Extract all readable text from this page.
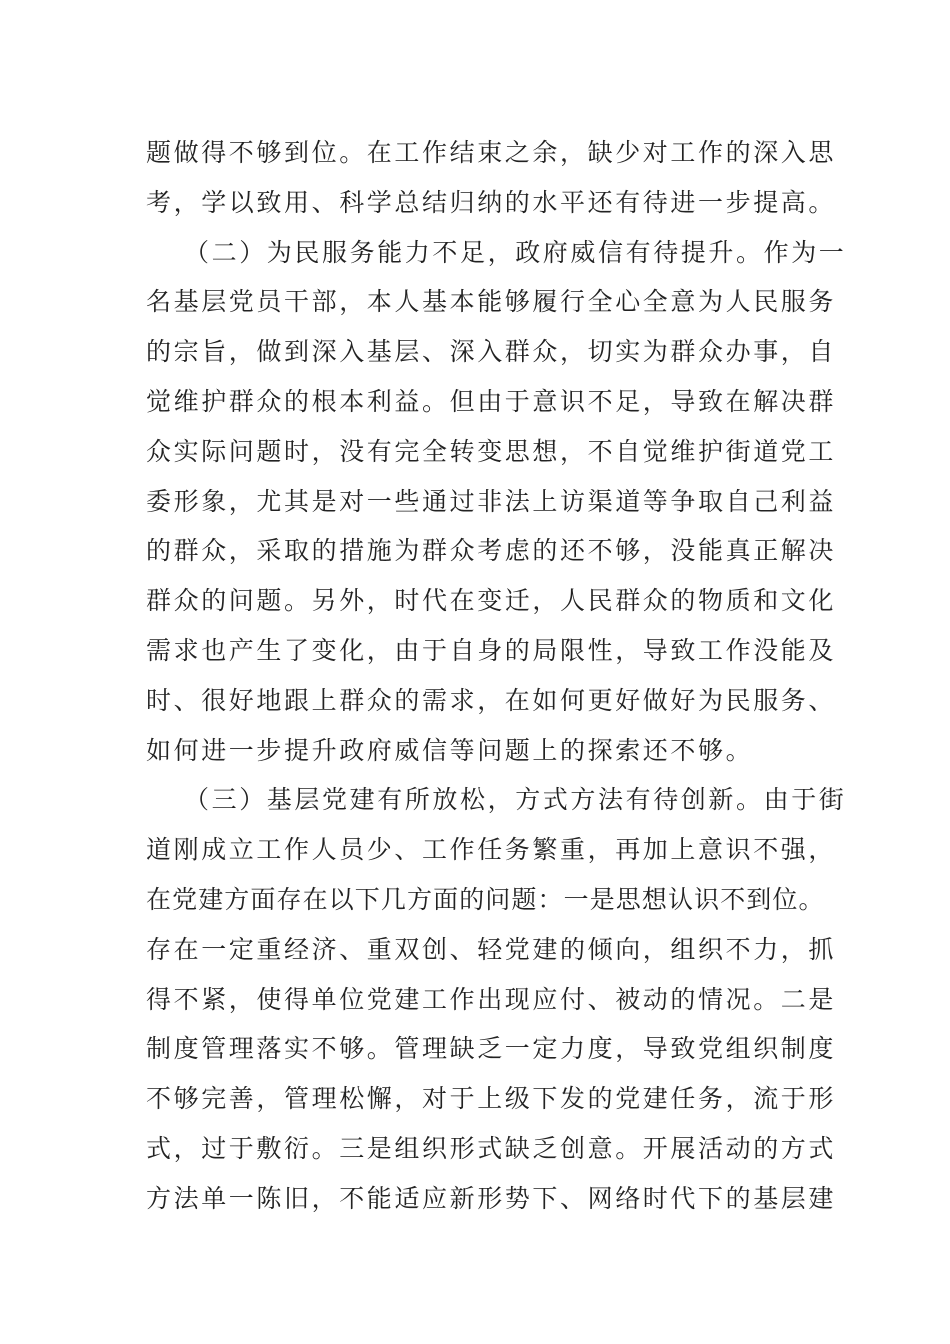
题做得不够到位。在工作结束之余，缺少对工作的深入思
考，学以致用、科学总结归纳的水平还有待进一步提高。
（二）为民服务能力不足，政府威信有待提升。作为一
名基层党员干部，本人基本能够履行全心全意为人民服务
的宗旨，做到深入基层、深入群众，切实为群众办事，自
觉维护群众的根本利益。但由于意识不足，导致在解决群
众实际问题时，没有完全转变思想，不自觉维护街道党工
委形象，尤其是对一些通过非法上访渠道等争取自己利益
的群众，采取的措施为群众考虑的还不够，没能真正解决
群众的问题。另外，时代在变迁，人民群众的物质和文化
需求也产生了变化，由于自身的局限性，导致工作没能及
时、很好地跟上群众的需求，在如何更好做好为民服务、
如何进一步提升政府威信等问题上的探索还不够。
（三）基层党建有所放松，方式方法有待创新。由于街
道刚成立工作人员少、工作任务繁重，再加上意识不强，
在党建方面存在以下几方面的问题：一是思想认识不到位。
存在一定重经济、重双创、轻党建的倾向，组织不力，抓
得不紧，使得单位党建工作出现应付、被动的情况。二是
制度管理落实不够。管理缺乏一定力度，导致党组织制度
不够完善，管理松懈，对于上级下发的党建任务，流于形
式，过于敷衍。三是组织形式缺乏创意。开展活动的方式
方法单一陈旧，不能适应新形势下、网络时代下的基层建
